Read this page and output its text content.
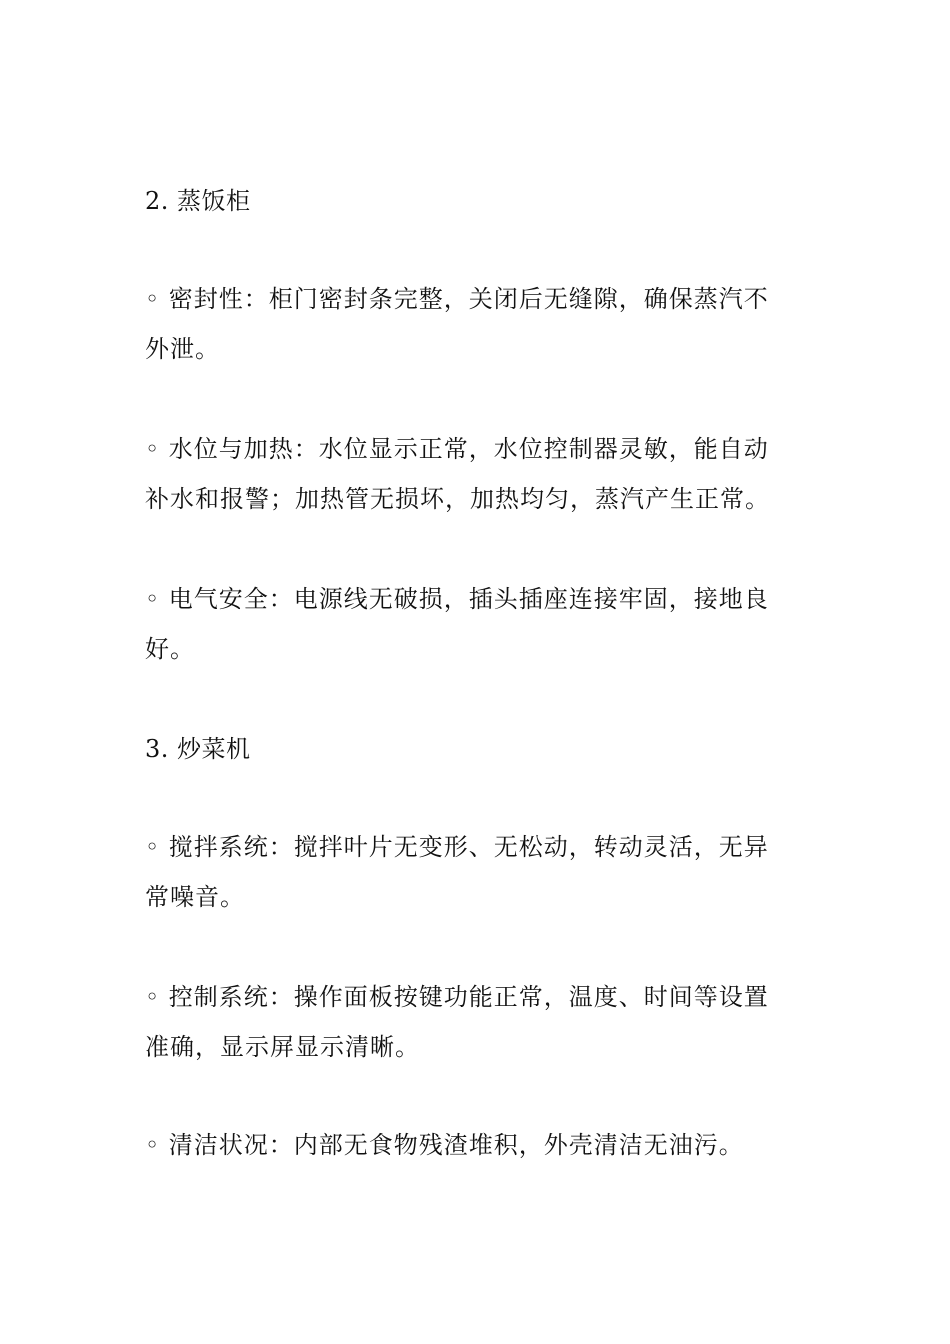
2. 蒸饭柜
◦ 密封性：柜门密封条完整，关闭后无缝隙，确保蒸汽不
外泄。
◦ 水位与加热：水位显示正常，水位控制器灵敏，能自动
补水和报警；加热管无损坏，加热均匀，蒸汽产生正常。
◦ 电气安全：电源线无破损，插头插座连接牢固，接地良
好。
3. 炒菜机
◦ 搅拌系统：搅拌叶片无变形、无松动，转动灵活，无异
常噪音。
◦ 控制系统：操作面板按键功能正常，温度、时间等设置
准确，显示屏显示清晰。
◦ 清洁状况：内部无食物残渣堆积，外壳清洁无油污。
